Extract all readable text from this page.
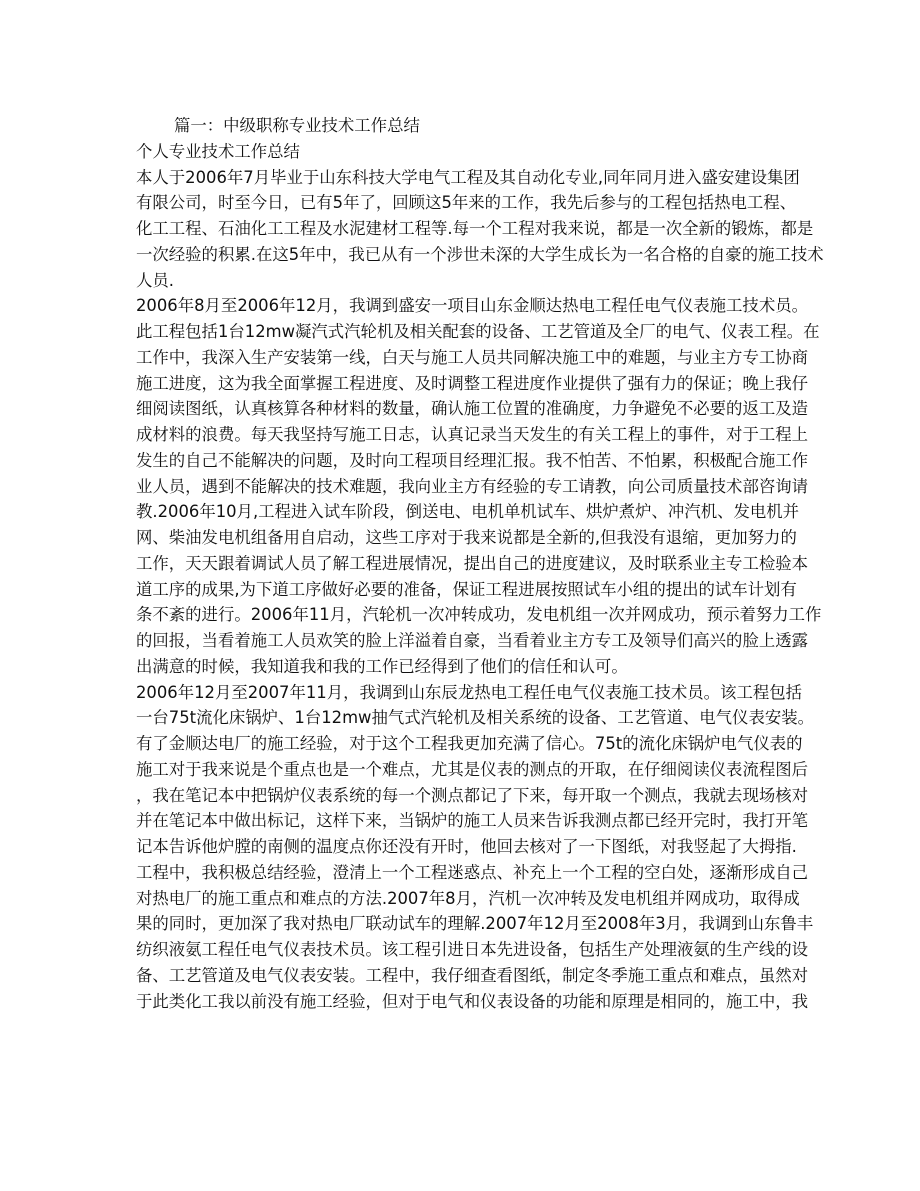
篇一：中级职称专业技术工作总结
个人专业技术工作总结
本人于2006年7月毕业于山东科技大学电气工程及其自动化专业,同年同月进入盛安建设集团
有限公司，时至今日，已有5年了，回顾这5年来的工作，我先后参与的工程包括热电工程、
化工工程、石油化工工程及水泥建材工程等.每一个工程对我来说，都是一次全新的锻炼，都是
一次经验的积累.在这5年中，我已从有一个涉世未深的大学生成长为一名合格的自豪的施工技术
人员.
2006年8月至2006年12月，我调到盛安一项目山东金顺达热电工程任电气仪表施工技术员。
此工程包括1台12mw凝汽式汽轮机及相关配套的设备、工艺管道及全厂的电气、仪表工程。在
工作中，我深入生产安装第一线，白天与施工人员共同解决施工中的难题，与业主方专工协商
施工进度，这为我全面掌握工程进度、及时调整工程进度作业提供了强有力的保证；晚上我仔
细阅读图纸，认真核算各种材料的数量，确认施工位置的准确度，力争避免不必要的返工及造
成材料的浪费。每天我坚持写施工日志，认真记录当天发生的有关工程上的事件，对于工程上
发生的自己不能解决的问题，及时向工程项目经理汇报。我不怕苦、不怕累，积极配合施工作
业人员，遇到不能解决的技术难题，我向业主方有经验的专工请教，向公司质量技术部咨询请
教.2006年10月,工程进入试车阶段，倒送电、电机单机试车、烘炉煮炉、冲汽机、发电机并
网、柴油发电机组备用自启动，这些工序对于我来说都是全新的,但我没有退缩，更加努力的
工作，天天跟着调试人员了解工程进展情况，提出自己的进度建议，及时联系业主专工检验本
道工序的成果,为下道工序做好必要的准备，保证工程进展按照试车小组的提出的试车计划有
条不紊的进行。2006年11月，汽轮机一次冲转成功，发电机组一次并网成功，预示着努力工作
的回报，当看着施工人员欢笑的脸上洋溢着自豪，当看着业主方专工及领导们高兴的脸上透露
出满意的时候，我知道我和我的工作已经得到了他们的信任和认可。
2006年12月至2007年11月，我调到山东辰龙热电工程任电气仪表施工技术员。该工程包括
一台75t流化床锅炉、1台12mw抽气式汽轮机及相关系统的设备、工艺管道、电气仪表安装。
有了金顺达电厂的施工经验，对于这个工程我更加充满了信心。75t的流化床锅炉电气仪表的
施工对于我来说是个重点也是一个难点，尤其是仪表的测点的开取，在仔细阅读仪表流程图后
，我在笔记本中把锅炉仪表系统的每一个测点都记了下来，每开取一个测点，我就去现场核对
并在笔记本中做出标记，这样下来，当锅炉的施工人员来告诉我测点都已经开完时，我打开笔
记本告诉他炉膛的南侧的温度点你还没有开时，他回去核对了一下图纸，对我竖起了大拇指.
工程中，我积极总结经验，澄清上一个工程迷惑点、补充上一个工程的空白处，逐渐形成自己
对热电厂的施工重点和难点的方法.2007年8月，汽机一次冲转及发电机组并网成功，取得成
果的同时，更加深了我对热电厂联动试车的理解.2007年12月至2008年3月，我调到山东鲁丰
纺织液氨工程任电气仪表技术员。该工程引进日本先进设备，包括生产处理液氨的生产线的设
备、工艺管道及电气仪表安装。工程中，我仔细查看图纸，制定冬季施工重点和难点，虽然对
于此类化工我以前没有施工经验，但对于电气和仪表设备的功能和原理是相同的，施工中，我
